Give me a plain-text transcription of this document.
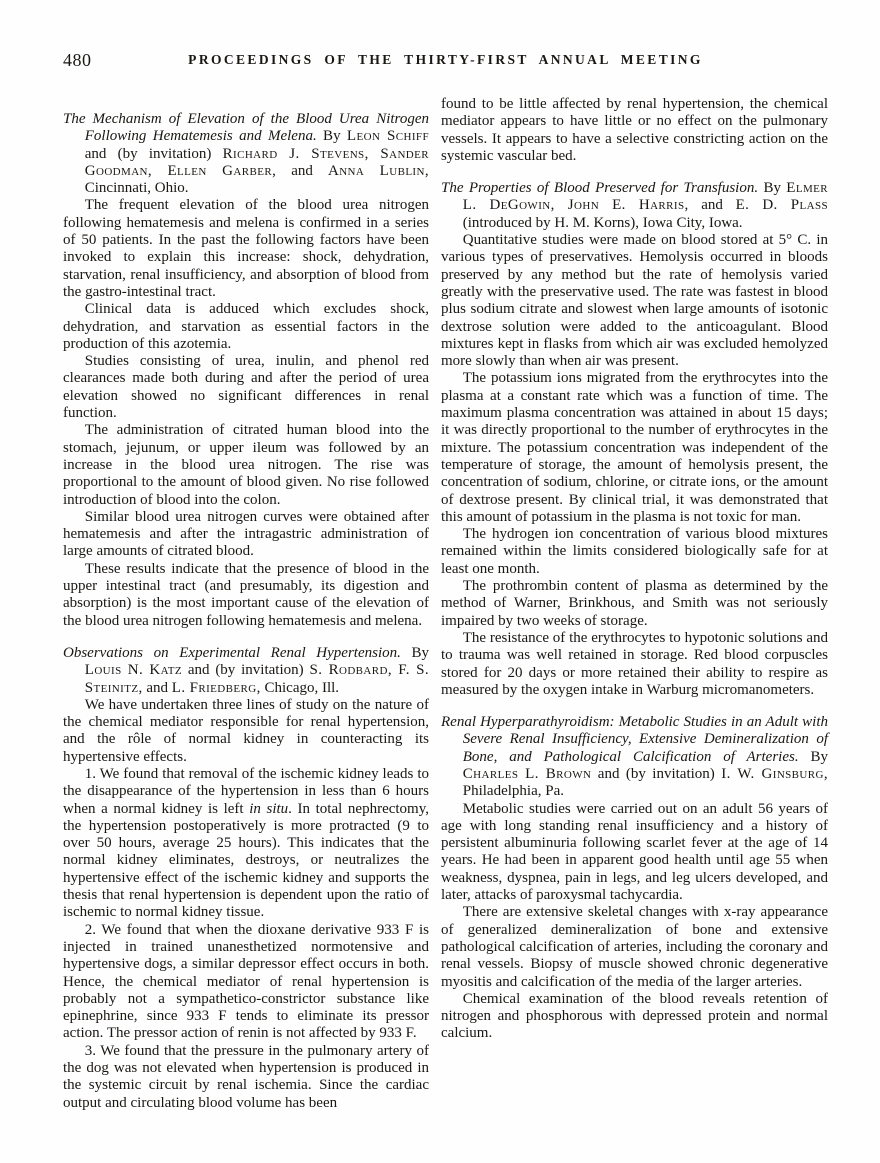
480	PROCEEDINGS OF THE THIRTY-FIRST ANNUAL MEETING

The Mechanism of Elevation of the Blood Urea Nitrogen Following Hematemesis and Melena. By Leon Schiff and (by invitation) Richard J. Stevens, Sander Goodman, Ellen Garber, and Anna Lublin, Cincinnati, Ohio.

The frequent elevation of the blood urea nitrogen following hematemesis and melena is confirmed in a series of 50 patients. In the past the following factors have been invoked to explain this increase: shock, dehydration, starvation, renal insufficiency, and absorption of blood from the gastro-intestinal tract.

Clinical data is adduced which excludes shock, dehydration, and starvation as essential factors in the production of this azotemia.

Studies consisting of urea, inulin, and phenol red clearances made both during and after the period of urea elevation showed no significant differences in renal function.

The administration of citrated human blood into the stomach, jejunum, or upper ileum was followed by an increase in the blood urea nitrogen. The rise was proportional to the amount of blood given. No rise followed introduction of blood into the colon.

Similar blood urea nitrogen curves were obtained after hematemesis and after the intragastric administration of large amounts of citrated blood.

These results indicate that the presence of blood in the upper intestinal tract (and presumably, its digestion and absorption) is the most important cause of the elevation of the blood urea nitrogen following hematemesis and melena.

Observations on Experimental Renal Hypertension. By Louis N. Katz and (by invitation) S. Rodbard, F. S. Steinitz, and L. Friedberg, Chicago, Ill.

We have undertaken three lines of study on the nature of the chemical mediator responsible for renal hypertension, and the rôle of normal kidney in counteracting its hypertensive effects.

1. We found that removal of the ischemic kidney leads to the disappearance of the hypertension in less than 6 hours when a normal kidney is left in situ. In total nephrectomy, the hypertension postoperatively is more protracted (9 to over 50 hours, average 25 hours). This indicates that the normal kidney eliminates, destroys, or neutralizes the hypertensive effect of the ischemic kidney and supports the thesis that renal hypertension is dependent upon the ratio of ischemic to normal kidney tissue.

2. We found that when the dioxane derivative 933 F is injected in trained unanesthetized normotensive and hypertensive dogs, a similar depressor effect occurs in both. Hence, the chemical mediator of renal hypertension is probably not a sympathetico-constrictor substance like epinephrine, since 933 F tends to eliminate its pressor action. The pressor action of renin is not affected by 933 F.

3. We found that the pressure in the pulmonary artery of the dog was not elevated when hypertension is produced in the systemic circuit by renal ischemia. Since the cardiac output and circulating blood volume has been

found to be little affected by renal hypertension, the chemical mediator appears to have little or no effect on the pulmonary vessels. It appears to have a selective constricting action on the systemic vascular bed.

The Properties of Blood Preserved for Transfusion. By Elmer L. DeGowin, John E. Harris, and E. D. Plass (introduced by H. M. Korns), Iowa City, Iowa.

Quantitative studies were made on blood stored at 5° C. in various types of preservatives. Hemolysis occurred in bloods preserved by any method but the rate of hemolysis varied greatly with the preservative used. The rate was fastest in blood plus sodium citrate and slowest when large amounts of isotonic dextrose solution were added to the anticoagulant. Blood mixtures kept in flasks from which air was excluded hemolyzed more slowly than when air was present.

The potassium ions migrated from the erythrocytes into the plasma at a constant rate which was a function of time. The maximum plasma concentration was attained in about 15 days; it was directly proportional to the number of erythrocytes in the mixture. The potassium concentration was independent of the temperature of storage, the amount of hemolysis present, the concentration of sodium, chlorine, or citrate ions, or the amount of dextrose present. By clinical trial, it was demonstrated that this amount of potassium in the plasma is not toxic for man.

The hydrogen ion concentration of various blood mixtures remained within the limits considered biologically safe for at least one month.

The prothrombin content of plasma as determined by the method of Warner, Brinkhous, and Smith was not seriously impaired by two weeks of storage.

The resistance of the erythrocytes to hypotonic solutions and to trauma was well retained in storage. Red blood corpuscles stored for 20 days or more retained their ability to respire as measured by the oxygen intake in Warburg micromanometers.

Renal Hyperparathyroidism: Metabolic Studies in an Adult with Severe Renal Insufficiency, Extensive Demineralization of Bone, and Pathological Calcification of Arteries. By Charles L. Brown and (by invitation) I. W. Ginsburg, Philadelphia, Pa.

Metabolic studies were carried out on an adult 56 years of age with long standing renal insufficiency and a history of persistent albuminuria following scarlet fever at the age of 14 years. He had been in apparent good health until age 55 when weakness, dyspnea, pain in legs, and leg ulcers developed, and later, attacks of paroxysmal tachycardia.

There are extensive skeletal changes with x-ray appearance of generalized demineralization of bone and extensive pathological calcification of arteries, including the coronary and renal vessels. Biopsy of muscle showed chronic degenerative myositis and calcification of the media of the larger arteries.

Chemical examination of the blood reveals retention of nitrogen and phosphorous with depressed protein and normal calcium.
